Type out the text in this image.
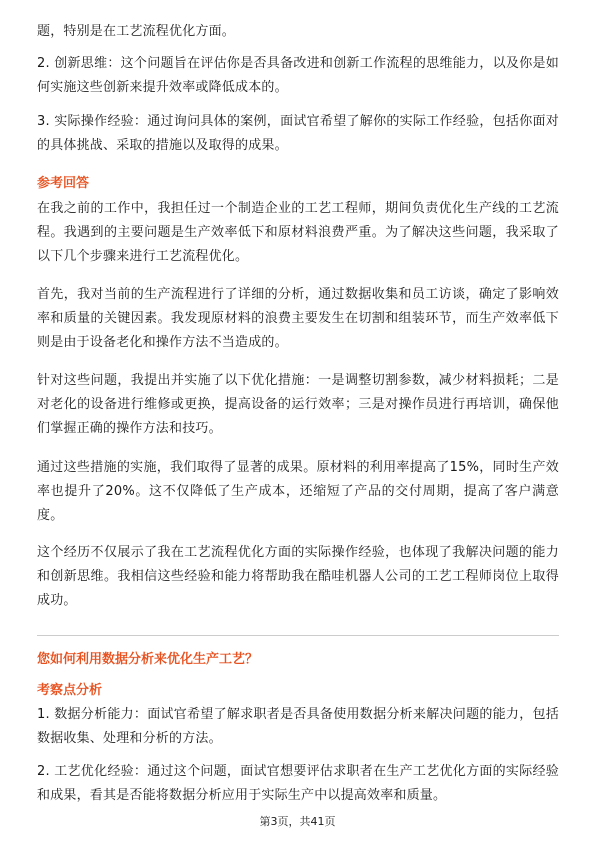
题，特别是在工艺流程优化方面。

2. 创新思维：这个问题旨在评估你是否具备改进和创新工作流程的思维能力，以及你是如何实施这些创新来提升效率或降低成本的。

3. 实际操作经验：通过询问具体的案例，面试官希望了解你的实际工作经验，包括你面对的具体挑战、采取的措施以及取得的成果。

参考回答

在我之前的工作中，我担任过一个制造企业的工艺工程师，期间负责优化生产线的工艺流程。我遇到的主要问题是生产效率低下和原材料浪费严重。为了解决这些问题，我采取了以下几个步骤来进行工艺流程优化。

首先，我对当前的生产流程进行了详细的分析，通过数据收集和员工访谈，确定了影响效率和质量的关键因素。我发现原材料的浪费主要发生在切割和组装环节，而生产效率低下则是由于设备老化和操作方法不当造成的。

针对这些问题，我提出并实施了以下优化措施：一是调整切割参数，减少材料损耗；二是对老化的设备进行维修或更换，提高设备的运行效率；三是对操作员进行再培训，确保他们掌握正确的操作方法和技巧。

通过这些措施的实施，我们取得了显著的成果。原材料的利用率提高了15%，同时生产效率也提升了20%。这不仅降低了生产成本，还缩短了产品的交付周期，提高了客户满意度。

这个经历不仅展示了我在工艺流程优化方面的实际操作经验，也体现了我解决问题的能力和创新思维。我相信这些经验和能力将帮助我在酷哇机器人公司的工艺工程师岗位上取得成功。

您如何利用数据分析来优化生产工艺？
考察点分析

1. 数据分析能力：面试官希望了解求职者是否具备使用数据分析来解决问题的能力，包括数据收集、处理和分析的方法。

2. 工艺优化经验：通过这个问题，面试官想要评估求职者在生产工艺优化方面的实际经验和成果，看其是否能将数据分析应用于实际生产中以提高效率和质量。

第3页，共41页
